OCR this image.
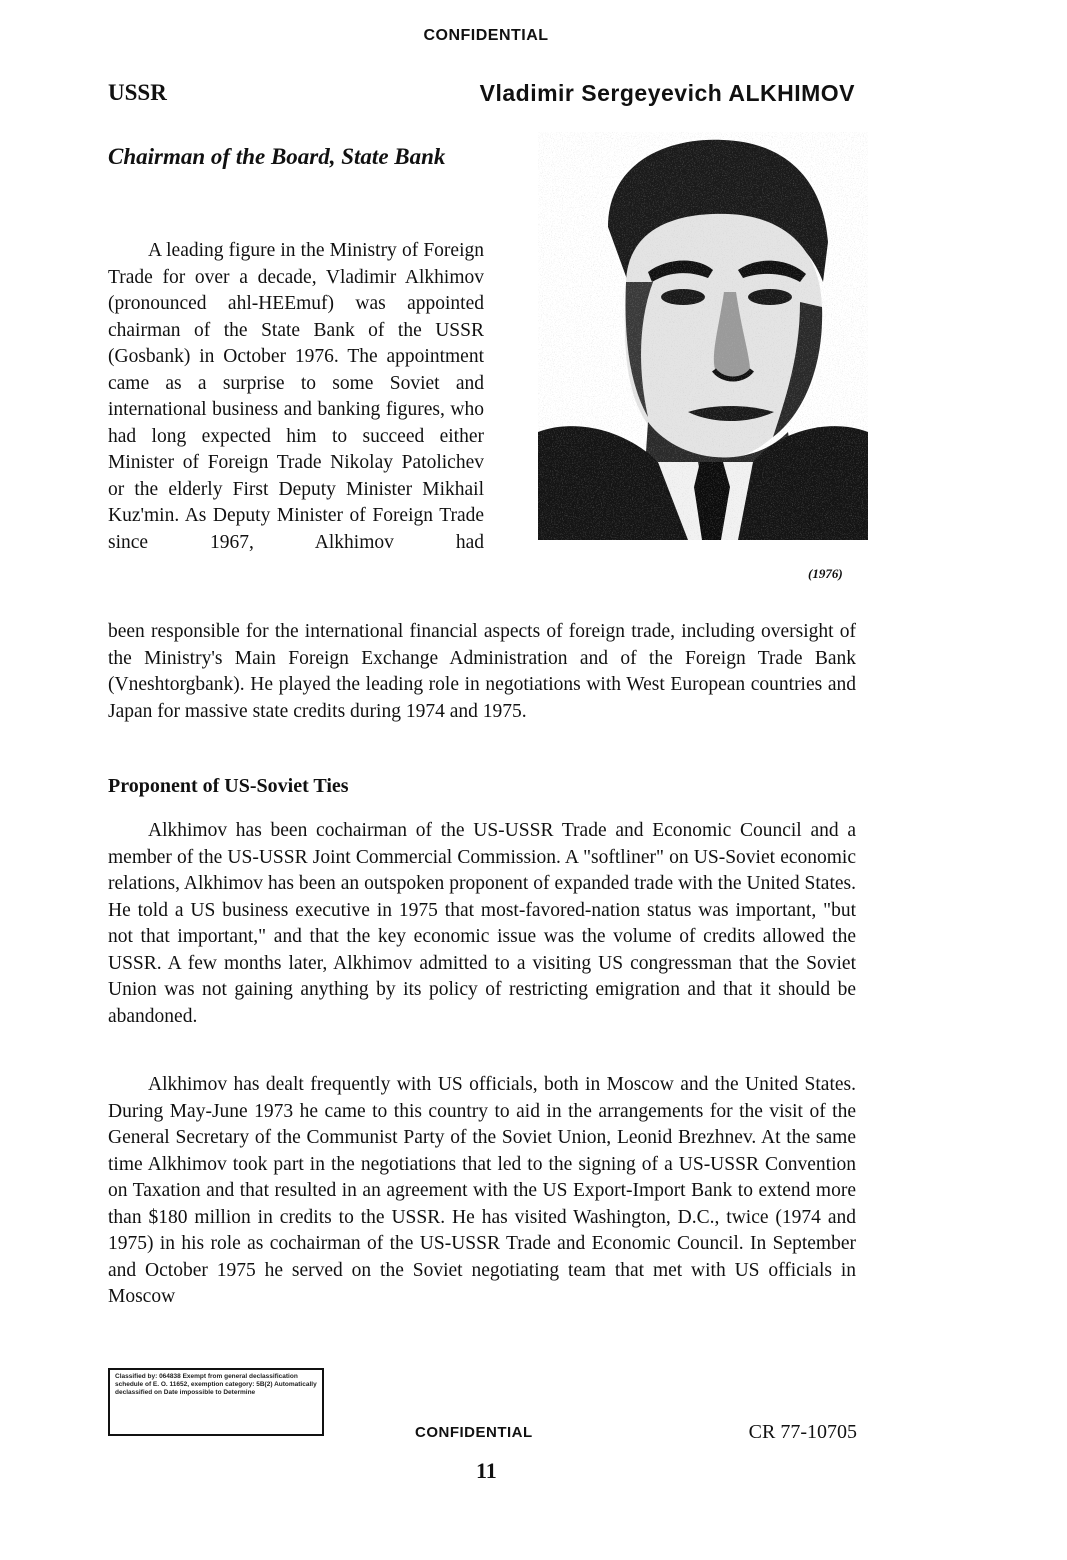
CONFIDENTIAL
USSR	Vladimir Sergeyevich ALKHIMOV
Chairman of the Board, State Bank
(1976)

A leading figure in the Ministry of Foreign Trade for over a decade, Vladimir Alkhimov (pronounced ahl-HEEmuf) was appointed chairman of the State Bank of the USSR (Gosbank) in October 1976. The appointment came as a surprise to some Soviet and international business and banking figures, who had long expected him to succeed either Minister of Foreign Trade Nikolay Patolichev or the elderly First Deputy Minister Mikhail Kuz'min. As Deputy Minister of Foreign Trade since 1967, Alkhimov had

been responsible for the international financial aspects of foreign trade, including oversight of the Ministry's Main Foreign Exchange Administration and of the Foreign Trade Bank (Vneshtorgbank). He played the leading role in negotiations with West European countries and Japan for massive state credits during 1974 and 1975.

Proponent of US-Soviet Ties

Alkhimov has been cochairman of the US-USSR Trade and Economic Council and a member of the US-USSR Joint Commercial Commission. A "softliner" on US-Soviet economic relations, Alkhimov has been an outspoken proponent of expanded trade with the United States. He told a US business executive in 1975 that most-favored-nation status was important, "but not that important," and that the key economic issue was the volume of credits allowed the USSR. A few months later, Alkhimov admitted to a visiting US congressman that the Soviet Union was not gaining anything by its policy of restricting emigration and that it should be abandoned.

Alkhimov has dealt frequently with US officials, both in Moscow and the United States. During May-June 1973 he came to this country to aid in the arrangements for the visit of the General Secretary of the Communist Party of the Soviet Union, Leonid Brezhnev. At the same time Alkhimov took part in the negotiations that led to the signing of a US-USSR Convention on Taxation and that resulted in an agreement with the US Export-Import Bank to extend more than $180 million in credits to the USSR. He has visited Washington, D.C., twice (1974 and 1975) in his role as cochairman of the US-USSR Trade and Economic Council. In September and October 1975 he served on the Soviet negotiating team that met with US officials in Moscow

Classified by: 064838 Exempt from general declassification schedule of E. O. 11652, exemption category: 5B(2) Automatically declassified on Date impossible to Determine
CONFIDENTIAL	CR 77-10705
11
